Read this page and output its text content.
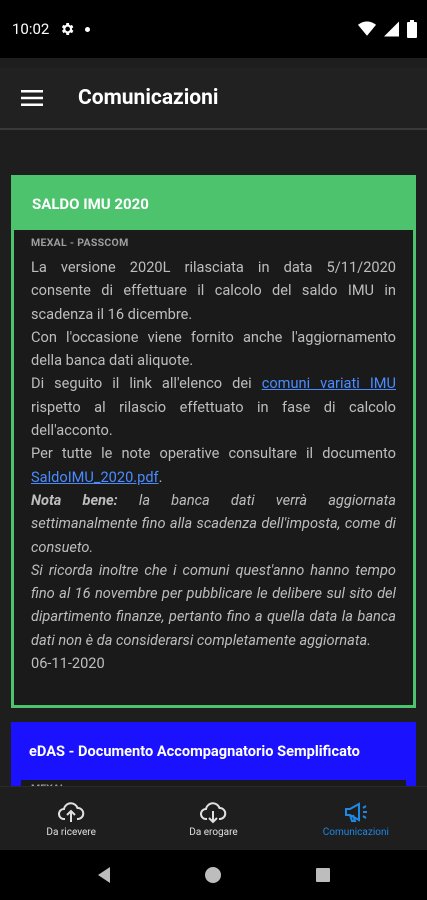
10:02
Comunicazioni
SALDO IMU 2020
MEXAL - PASSCOM

La versione 2020L rilasciata in data 5/11/2020 consente di effettuare il calcolo del saldo IMU in scadenza il 16 dicembre.

Con l'occasione viene fornito anche l'aggiornamento della banca dati aliquote.

Di seguito il link all'elenco dei comuni variati IMU rispetto al rilascio effettuato in fase di calcolo dell'acconto.

Per tutte le note operative consultare il documento SaldoIMU_2020.pdf.

Nota bene: la banca dati verrà aggiornata settimanalmente fino alla scadenza dell'imposta, come di consueto.

Si ricorda inoltre che i comuni quest'anno hanno tempo fino al 16 novembre per pubblicare le delibere sul sito del dipartimento finanze, pertanto fino a quella data la banca dati non è da considerarsi completamente aggiornata.

06-11-2020

eDAS - Documento Accompagnatorio Semplificato
Da ricevere	Da erogare	Comunicazioni
